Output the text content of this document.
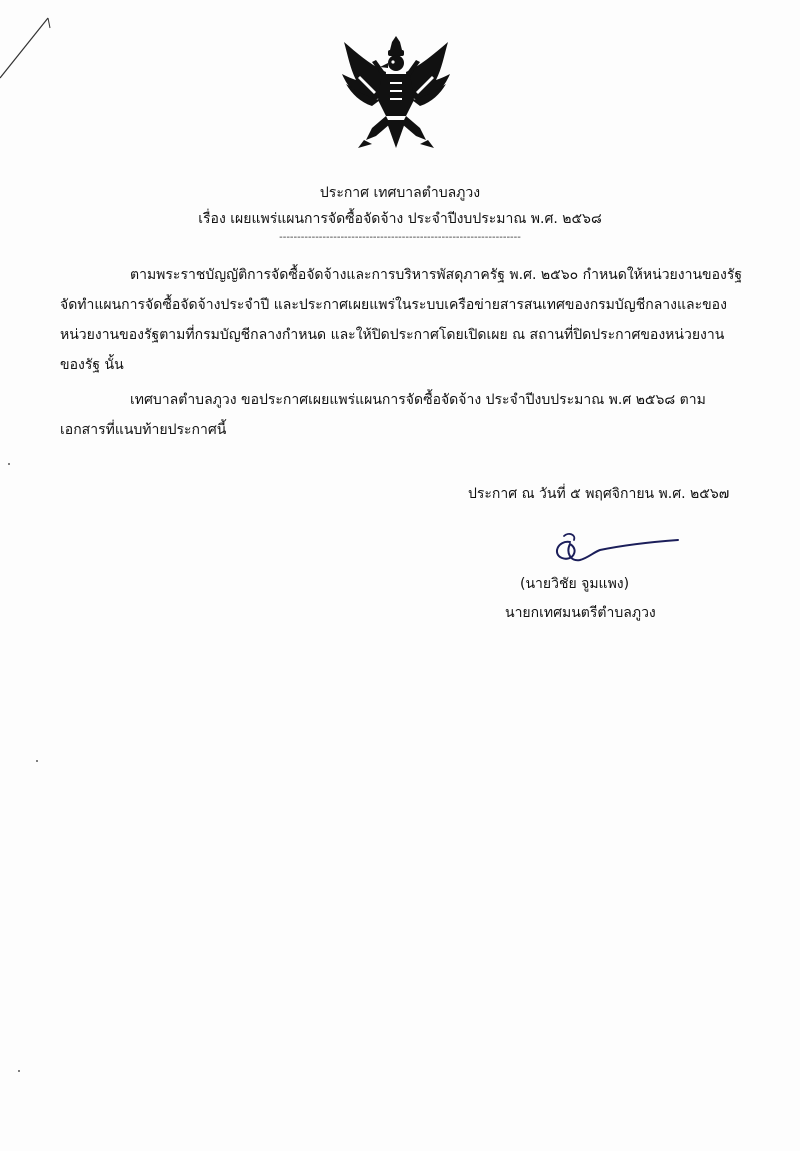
ประกาศ เทศบาลตำบลภูวง
เรื่อง เผยแพร่แผนการจัดซื้อจัดจ้าง ประจำปีงบประมาณ พ.ศ. ๒๕๖๘
-------------------------------------------------------------------
ตามพระราชบัญญัติการจัดซื้อจัดจ้างและการบริหารพัสดุภาครัฐ พ.ศ. ๒๕๖๐ กำหนดให้หน่วยงานของรัฐ
จัดทำแผนการจัดซื้อจัดจ้างประจำปี และประกาศเผยแพร่ในระบบเครือข่ายสารสนเทศของกรมบัญชีกลางและของ
หน่วยงานของรัฐตามที่กรมบัญชีกลางกำหนด และให้ปิดประกาศโดยเปิดเผย ณ สถานที่ปิดประกาศของหน่วยงาน
ของรัฐ นั้น
เทศบาลตำบลภูวง ขอประกาศเผยแพร่แผนการจัดซื้อจัดจ้าง ประจำปีงบประมาณ พ.ศ ๒๕๖๘ ตาม
เอกสารที่แนบท้ายประกาศนี้
ประกาศ ณ วันที่ ๕ พฤศจิกายน พ.ศ. ๒๕๖๗
(นายวิชัย จูมแพง)
นายกเทศมนตรีตำบลภูวง
